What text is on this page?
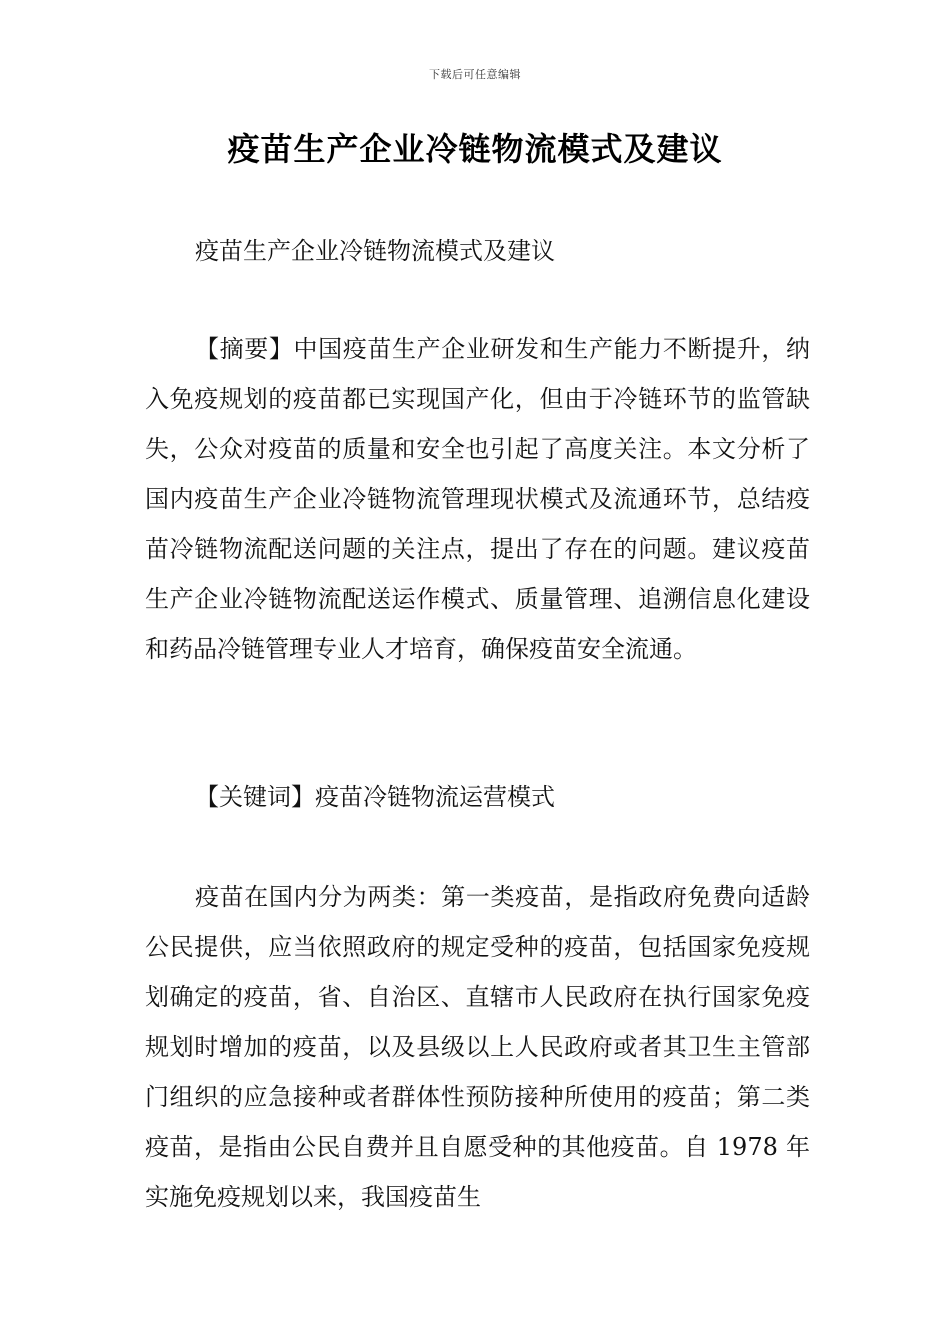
下载后可任意编辑
疫苗生产企业冷链物流模式及建议

疫苗生产企业冷链物流模式及建议

【摘要】中国疫苗生产企业研发和生产能力不断提升，纳入免疫规划的疫苗都已实现国产化，但由于冷链环节的监管缺失，公众对疫苗的质量和安全也引起了高度关注。本文分析了国内疫苗生产企业冷链物流管理现状模式及流通环节，总结疫苗冷链物流配送问题的关注点，提出了存在的问题。建议疫苗生产企业冷链物流配送运作模式、质量管理、追溯信息化建设和药品冷链管理专业人才培育，确保疫苗安全流通。

【关键词】疫苗冷链物流运营模式

疫苗在国内分为两类：第一类疫苗，是指政府免费向适龄公民提供，应当依照政府的规定受种的疫苗，包括国家免疫规划确定的疫苗，省、自治区、直辖市人民政府在执行国家免疫规划时增加的疫苗，以及县级以上人民政府或者其卫生主管部门组织的应急接种或者群体性预防接种所使用的疫苗；第二类疫苗，是指由公民自费并且自愿受种的其他疫苗。自 1978 年实施免疫规划以来，我国疫苗生
